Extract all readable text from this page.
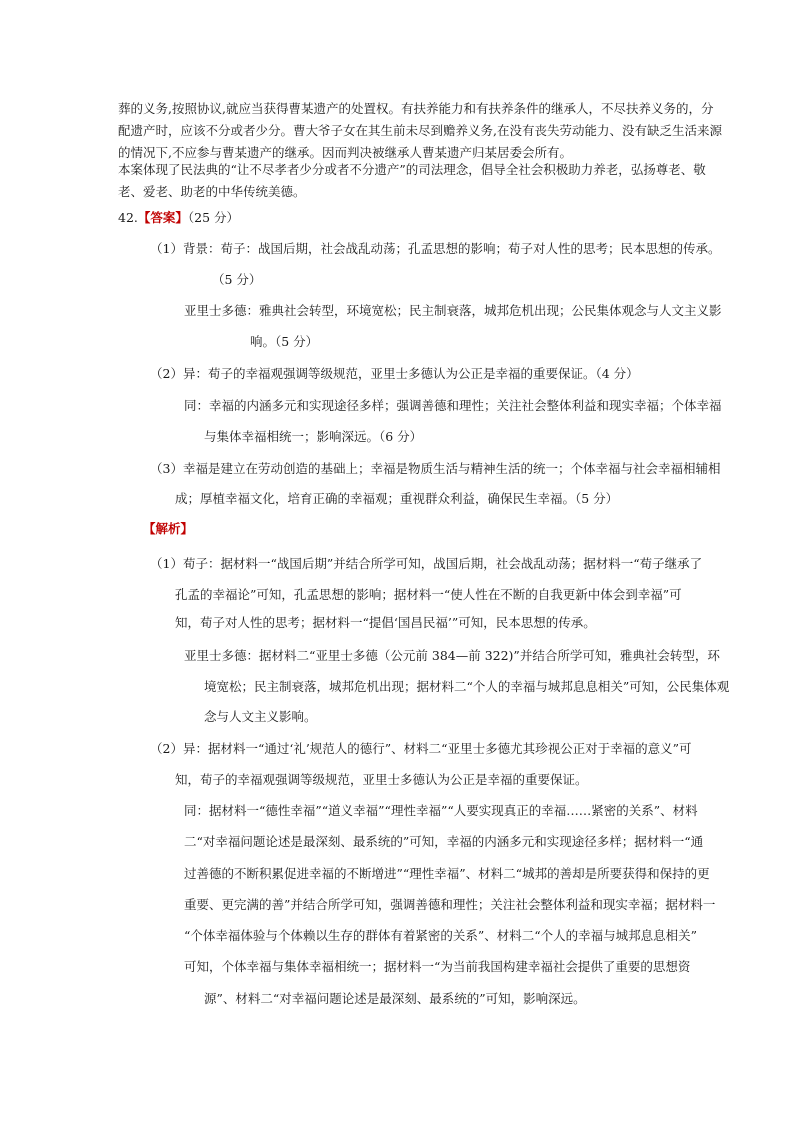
葬的义务,按照协议,就应当获得曹某遗产的处置权。有扶养能力和有扶养条件的继承人，不尽扶养义务的，分
配遗产时，应该不分或者少分。曹大爷子女在其生前未尽到赡养义务,在没有丧失劳动能力、没有缺乏生活来源
的情况下,不应参与曹某遗产的继承。因而判决被继承人曹某遗产归某居委会所有。
本案体现了民法典的“让不尽孝者少分或者不分遗产”的司法理念，倡导全社会积极助力养老，弘扬尊老、敬
老、爱老、助老的中华传统美德。
42.【答案】（25 分）
（1）背景：荀子：战国后期，社会战乱动荡；孔孟思想的影响；荀子对人性的思考；民本思想的传承。
（5 分）
亚里士多德：雅典社会转型，环境宽松；民主制衰落，城邦危机出现；公民集体观念与人文主义影
响。（5 分）
（2）异：荀子的幸福观强调等级规范，亚里士多德认为公正是幸福的重要保证。（4 分）
同：幸福的内涵多元和实现途径多样；强调善德和理性；关注社会整体利益和现实幸福；个体幸福
与集体幸福相统一；影响深远。（6 分）
（3）幸福是建立在劳动创造的基础上；幸福是物质生活与精神生活的统一；个体幸福与社会幸福相辅相
成；厚植幸福文化，培育正确的幸福观；重视群众利益，确保民生幸福。（5 分）
【解析】
（1）荀子：据材料一“战国后期”并结合所学可知，战国后期，社会战乱动荡；据材料一“荀子继承了
孔孟的幸福论”可知，孔孟思想的影响；据材料一“使人性在不断的自我更新中体会到幸福”可
知，荀子对人性的思考；据材料一“提倡‘国昌民福’”可知，民本思想的传承。
亚里士多德：据材料二“亚里士多德（公元前 384—前 322)”并结合所学可知，雅典社会转型，环
境宽松；民主制衰落，城邦危机出现；据材料二“个人的幸福与城邦息息相关”可知，公民集体观
念与人文主义影响。
（2）异：据材料一“通过‘礼’规范人的德行”、材料二“亚里士多德尤其珍视公正对于幸福的意义”可
知，荀子的幸福观强调等级规范，亚里士多德认为公正是幸福的重要保证。
同：据材料一“德性幸福”“道义幸福”“理性幸福”“人要实现真正的幸福……紧密的关系”、材料
二“对幸福问题论述是最深刻、最系统的”可知，幸福的内涵多元和实现途径多样；据材料一“通
过善德的不断积累促进幸福的不断增进”“理性幸福”、材料二“城邦的善却是所要获得和保持的更
重要、更完满的善”并结合所学可知，强调善德和理性；关注社会整体利益和现实幸福；据材料一
“个体幸福体验与个体赖以生存的群体有着紧密的关系”、材料二“个人的幸福与城邦息息相关”
可知，个体幸福与集体幸福相统一；据材料一“为当前我国构建幸福社会提供了重要的思想资
源”、材料二“对幸福问题论述是最深刻、最系统的”可知，影响深远。
